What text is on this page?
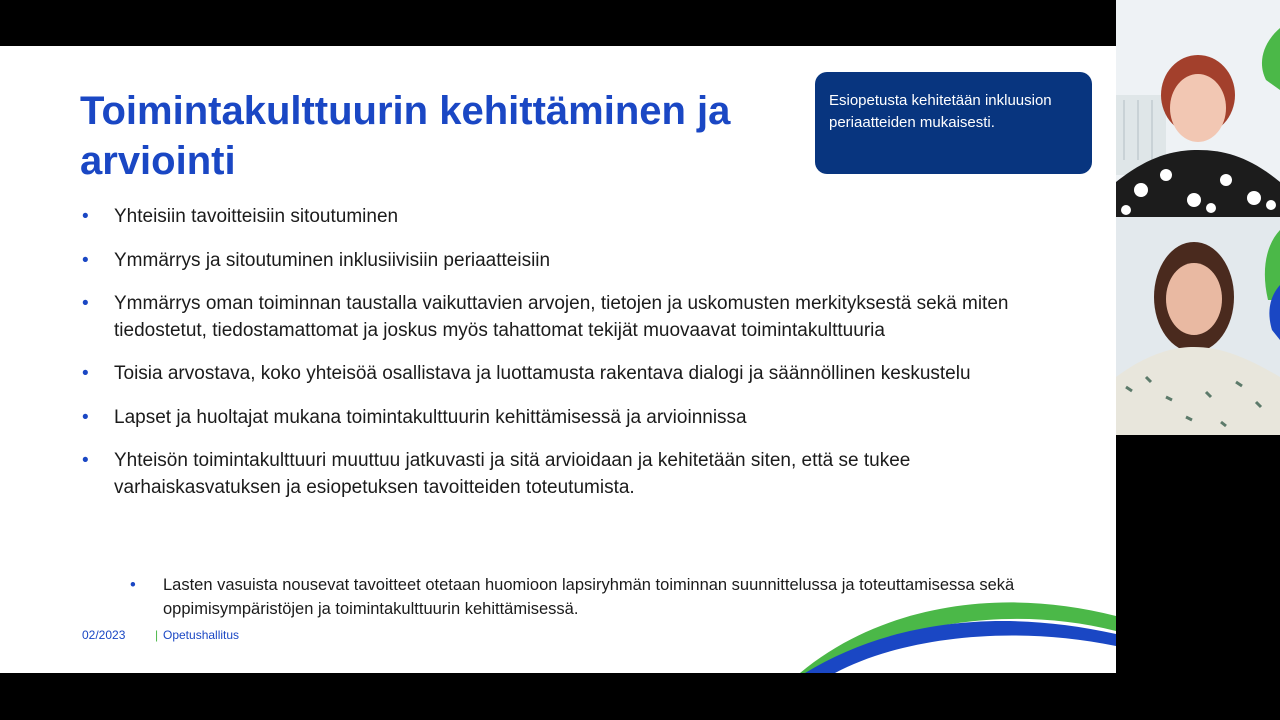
Toimintakulttuurin kehittäminen ja arviointi
Esiopetusta kehitetään inkluusion periaatteiden mukaisesti.
• Yhteisiin tavoitteisiin sitoutuminen
• Ymmärrys ja sitoutuminen inklusiivisiin periaatteisiin
• Ymmärrys oman toiminnan taustalla vaikuttavien arvojen, tietojen ja uskomusten merkityksestä sekä miten tiedostetut, tiedostamattomat ja joskus myös tahattomat tekijät muovaavat toimintakulttuuria
• Toisia arvostava, koko yhteisöä osallistava ja luottamusta rakentava dialogi ja säännöllinen keskustelu
• Lapset ja huoltajat mukana toimintakulttuurin kehittämisessä ja arvioinnissa
• Yhteisön toimintakulttuuri muuttuu jatkuvasti ja sitä arvioidaan ja kehitetään siten, että se tukee varhaiskasvatuksen ja esiopetuksen tavoitteiden toteutumista.
• Lasten vasuista nousevat tavoitteet otetaan huomioon lapsiryhmän toiminnan suunnittelussa ja toteuttamisessa sekä oppimisympäristöjen ja toimintakulttuurin kehittämisessä.
02/2023 | Opetushallitus
